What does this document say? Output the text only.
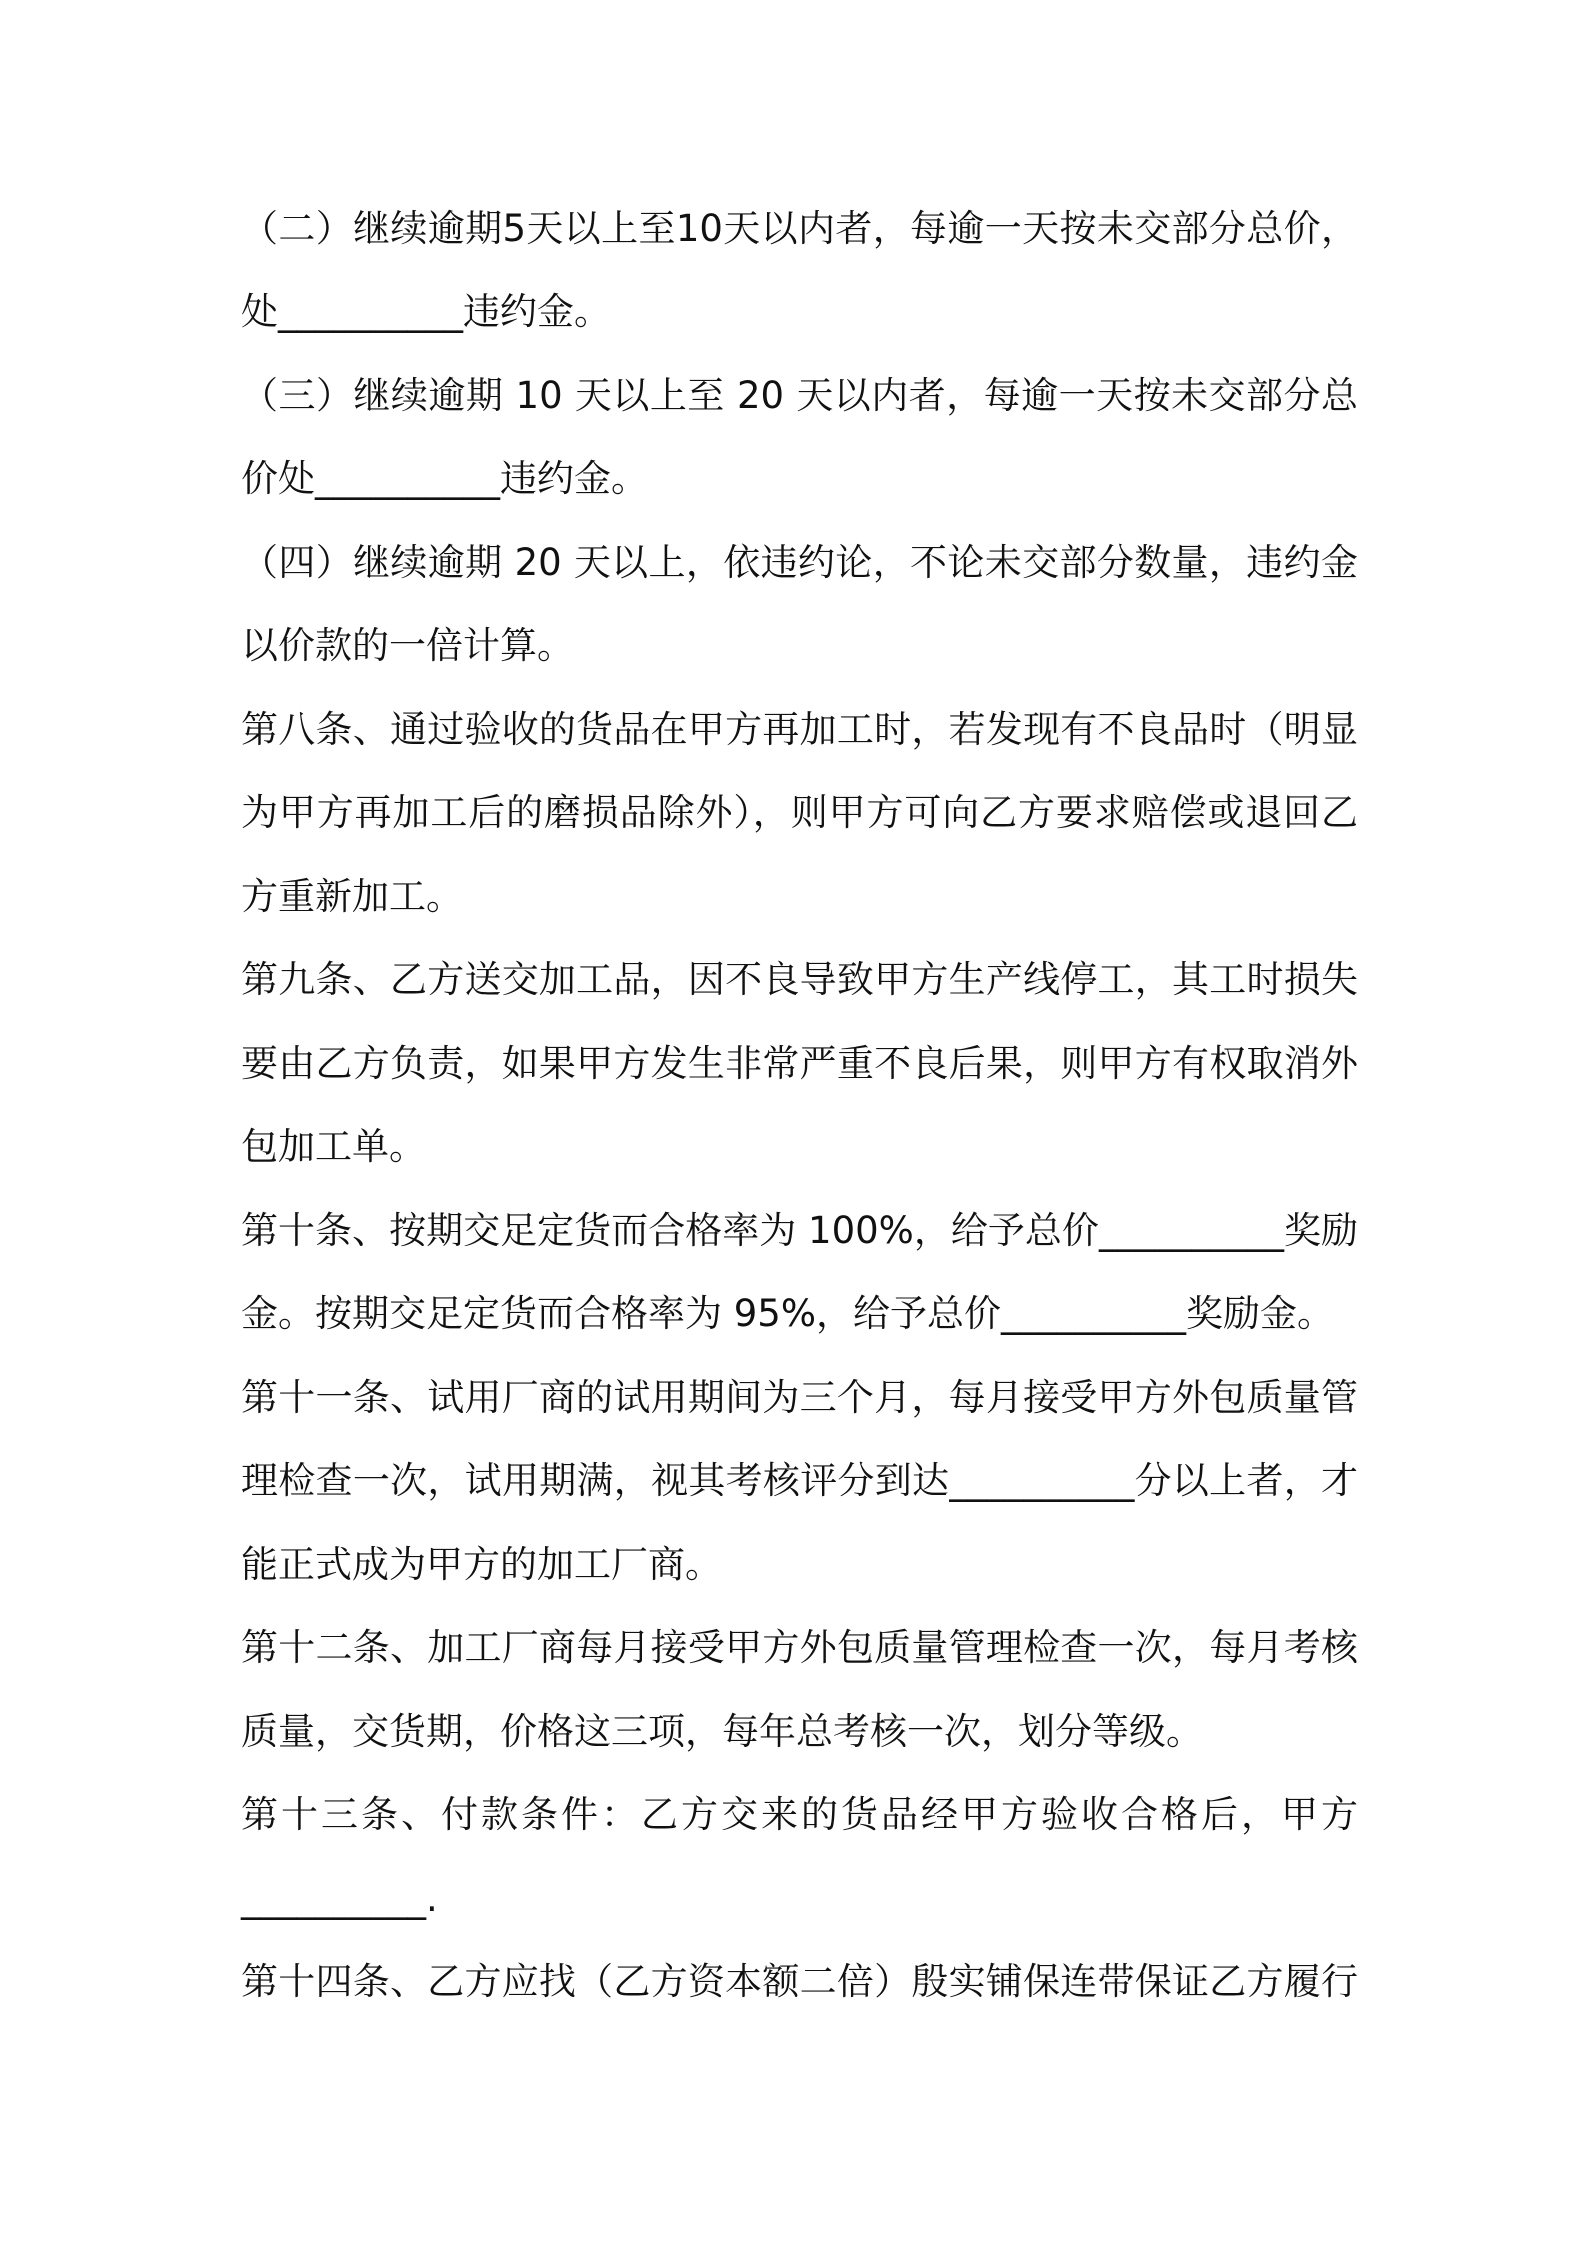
（二）继续逾期5天以上至10天以内者，每逾一天按未交部分总价，
处__________违约金。
（三）继续逾期 10 天以上至 20 天以内者，每逾一天按未交部分总
价处__________违约金。
（四）继续逾期 20 天以上，依违约论，不论未交部分数量，违约金
以价款的一倍计算。
第八条、通过验收的货品在甲方再加工时，若发现有不良品时（明显
为甲方再加工后的磨损品除外），则甲方可向乙方要求赔偿或退回乙
方重新加工。
第九条、乙方送交加工品，因不良导致甲方生产线停工，其工时损失
要由乙方负责，如果甲方发生非常严重不良后果，则甲方有权取消外
包加工单。
第十条、按期交足定货而合格率为 100%，给予总价__________奖励
金。按期交足定货而合格率为 95%，给予总价__________奖励金。
第十一条、试用厂商的试用期间为三个月，每月接受甲方外包质量管
理检查一次，试用期满，视其考核评分到达__________分以上者，才
能正式成为甲方的加工厂商。
第十二条、加工厂商每月接受甲方外包质量管理检查一次，每月考核
质量，交货期，价格这三项，每年总考核一次，划分等级。
第十三条、付款条件：乙方交来的货品经甲方验收合格后，甲方
__________.
第十四条、乙方应找（乙方资本额二倍）殷实铺保连带保证乙方履行
